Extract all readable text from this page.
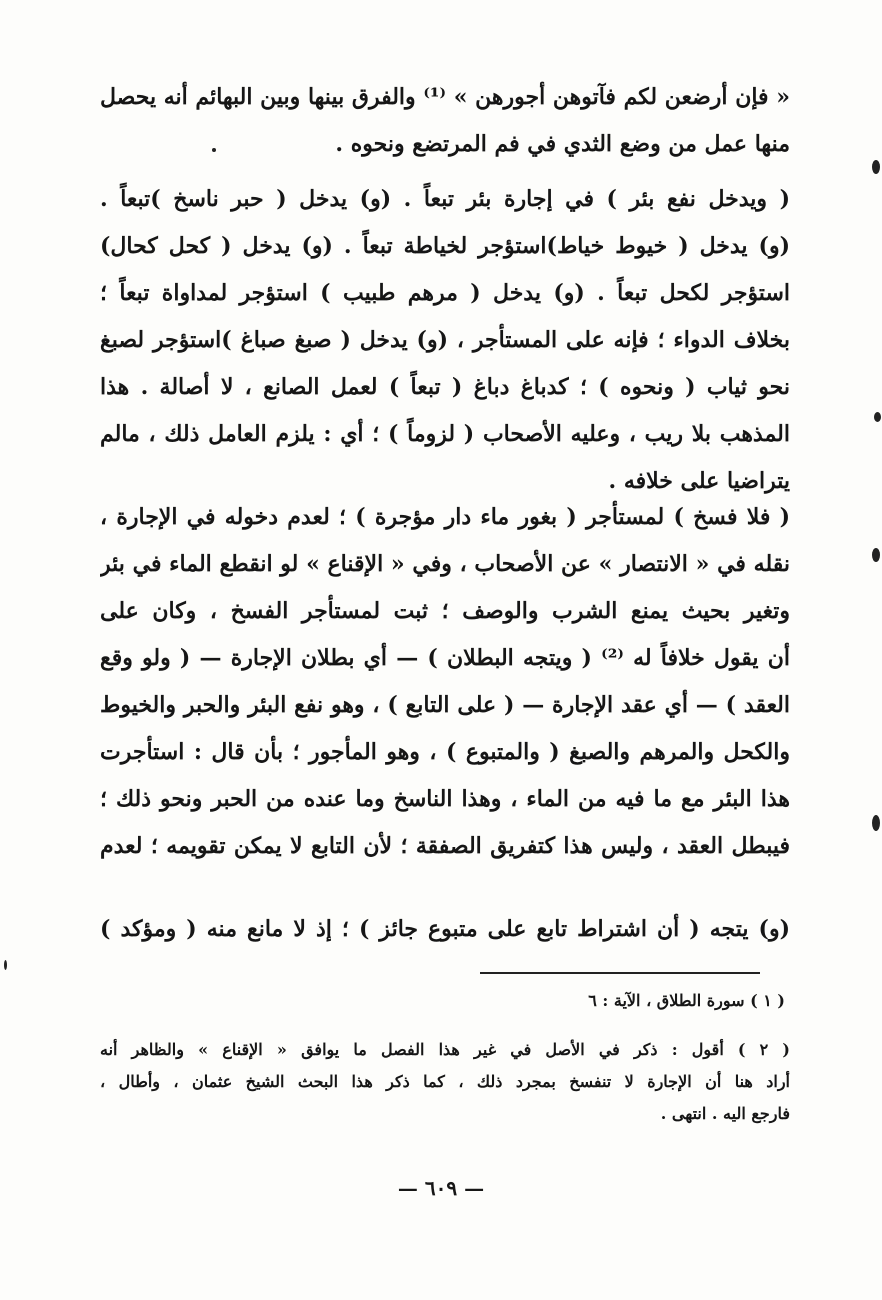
« فإن أرضعن لكم فآتوهن أجورهن » ⁽¹⁾ والفرق بينها وبين البهائم أنه يحصل
منها عمل من وضع الثدي في فم المرتضع ونحوه .
( ويدخل نفع بئر ) في إجارة بئر تبعاً . (و) يدخل ( حبر ناسخ )تبعاً .
(و) يدخل ( خيوط خياط)استؤجر لخياطة تبعاً . (و) يدخل ( كحل كحال)
استؤجر لكحل تبعاً . (و) يدخل ( مرهم طبيب ) استؤجر لمداواة تبعاً ؛
بخلاف الدواء ؛ فإنه على المستأجر ، (و) يدخل ( صبغ صباغ )استؤجر لصبغ
نحو ثياب ( ونحوه ) ؛ كدباغ دباغ ( تبعاً ) لعمل الصانع ، لا أصالة . هذا
المذهب بلا ريب ، وعليه الأصحاب ( لزوماً ) ؛ أي : يلزم العامل ذلك ، مالم
يتراضيا على خلافه .
( فلا فسخ ) لمستأجر ( بغور ماء دار مؤجرة ) ؛ لعدم دخوله في الإجارة ،
نقله في « الانتصار » عن الأصحاب ، وفي « الإقناع » لو انقطع الماء في بئر
وتغير بحيث يمنع الشرب والوصف ؛ ثبت لمستأجر الفسخ ، وكان على
أن يقول خلافاً له ⁽²⁾ ( ويتجه البطلان ) — أي بطلان الإجارة — ( ولو وقع
العقد ) — أي عقد الإجارة — ( على التابع ) ، وهو نفع البئر والحبر والخيوط
والكحل والمرهم والصبغ ( والمتبوع ) ، وهو المأجور ؛ بأن قال : استأجرت
هذا البئر مع ما فيه من الماء ، وهذا الناسخ وما عنده من الحبر ونحو ذلك ؛
فيبطل العقد ، وليس هذا كتفريق الصفقة ؛ لأن التابع لا يمكن تقويمه ؛ لعدم
(و) يتجه ( أن اشتراط تابع على متبوع جائز ) ؛ إذ لا مانع منه ( ومؤكد )
( ١ ) سورة الطلاق ، الآية : ٦
( ٢ ) أقول : ذكر في الأصل في غير هذا الفصل ما يوافق « الإقناع » والظاهر أنه
أراد هنا أن الإجارة لا تنفسخ بمجرد ذلك ، كما ذكر هذا البحث الشيخ عثمان ، وأطال ،
فارجع اليه . انتهى .
— ٦٠٩ —
